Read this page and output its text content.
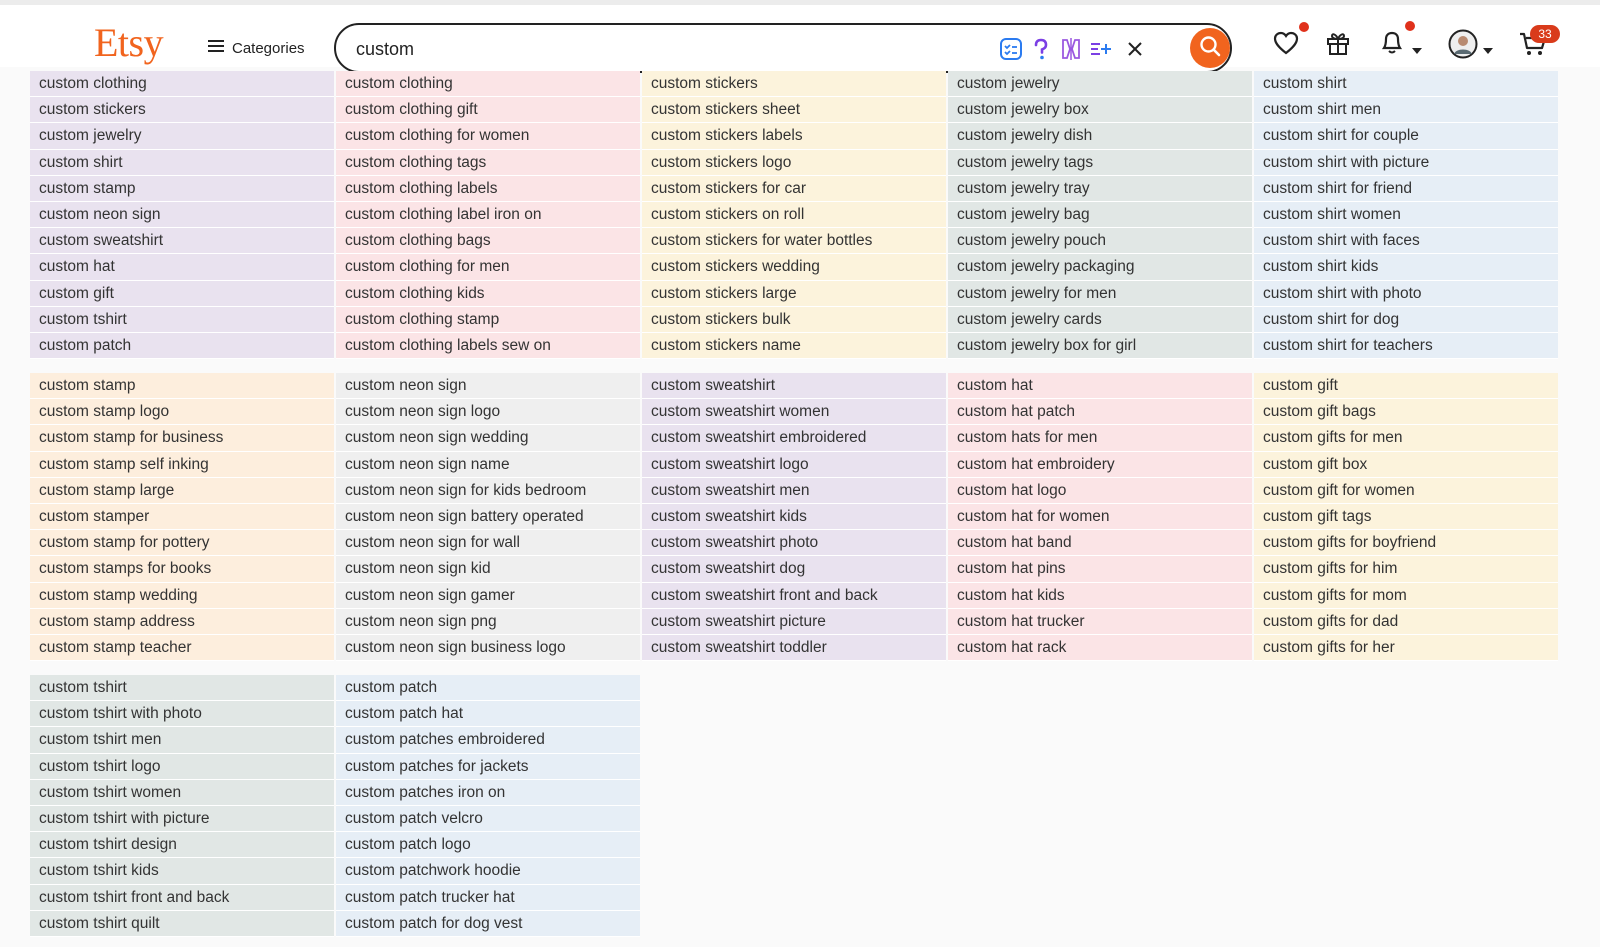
Etsy	Categories
custom
33
custom clothing
custom stickers
custom jewelry
custom shirt
custom stamp
custom neon sign
custom sweatshirt
custom hat
custom gift
custom tshirt
custom patch
custom clothing
custom clothing gift
custom clothing for women
custom clothing tags
custom clothing labels
custom clothing label iron on
custom clothing bags
custom clothing for men
custom clothing kids
custom clothing stamp
custom clothing labels sew on
custom stickers
custom stickers sheet
custom stickers labels
custom stickers logo
custom stickers for car
custom stickers on roll
custom stickers for water bottles
custom stickers wedding
custom stickers large
custom stickers bulk
custom stickers name
custom jewelry
custom jewelry box
custom jewelry dish
custom jewelry tags
custom jewelry tray
custom jewelry bag
custom jewelry pouch
custom jewelry packaging
custom jewelry for men
custom jewelry cards
custom jewelry box for girl
custom shirt
custom shirt men
custom shirt for couple
custom shirt with picture
custom shirt for friend
custom shirt women
custom shirt with faces
custom shirt kids
custom shirt with photo
custom shirt for dog
custom shirt for teachers
custom stamp
custom stamp logo
custom stamp for business
custom stamp self inking
custom stamp large
custom stamper
custom stamp for pottery
custom stamps for books
custom stamp wedding
custom stamp address
custom stamp teacher
custom neon sign
custom neon sign logo
custom neon sign wedding
custom neon sign name
custom neon sign for kids bedroom
custom neon sign battery operated
custom neon sign for wall
custom neon sign kid
custom neon sign gamer
custom neon sign png
custom neon sign business logo
custom sweatshirt
custom sweatshirt women
custom sweatshirt embroidered
custom sweatshirt logo
custom sweatshirt men
custom sweatshirt kids
custom sweatshirt photo
custom sweatshirt dog
custom sweatshirt front and back
custom sweatshirt picture
custom sweatshirt toddler
custom hat
custom hat patch
custom hats for men
custom hat embroidery
custom hat logo
custom hat for women
custom hat band
custom hat pins
custom hat kids
custom hat trucker
custom hat rack
custom gift
custom gift bags
custom gifts for men
custom gift box
custom gift for women
custom gift tags
custom gifts for boyfriend
custom gifts for him
custom gifts for mom
custom gifts for dad
custom gifts for her
custom tshirt
custom tshirt with photo
custom tshirt men
custom tshirt logo
custom tshirt women
custom tshirt with picture
custom tshirt design
custom tshirt kids
custom tshirt front and back
custom tshirt quilt
custom patch
custom patch hat
custom patches embroidered
custom patches for jackets
custom patches iron on
custom patch velcro
custom patch logo
custom patchwork hoodie
custom patch trucker hat
custom patch for dog vest
